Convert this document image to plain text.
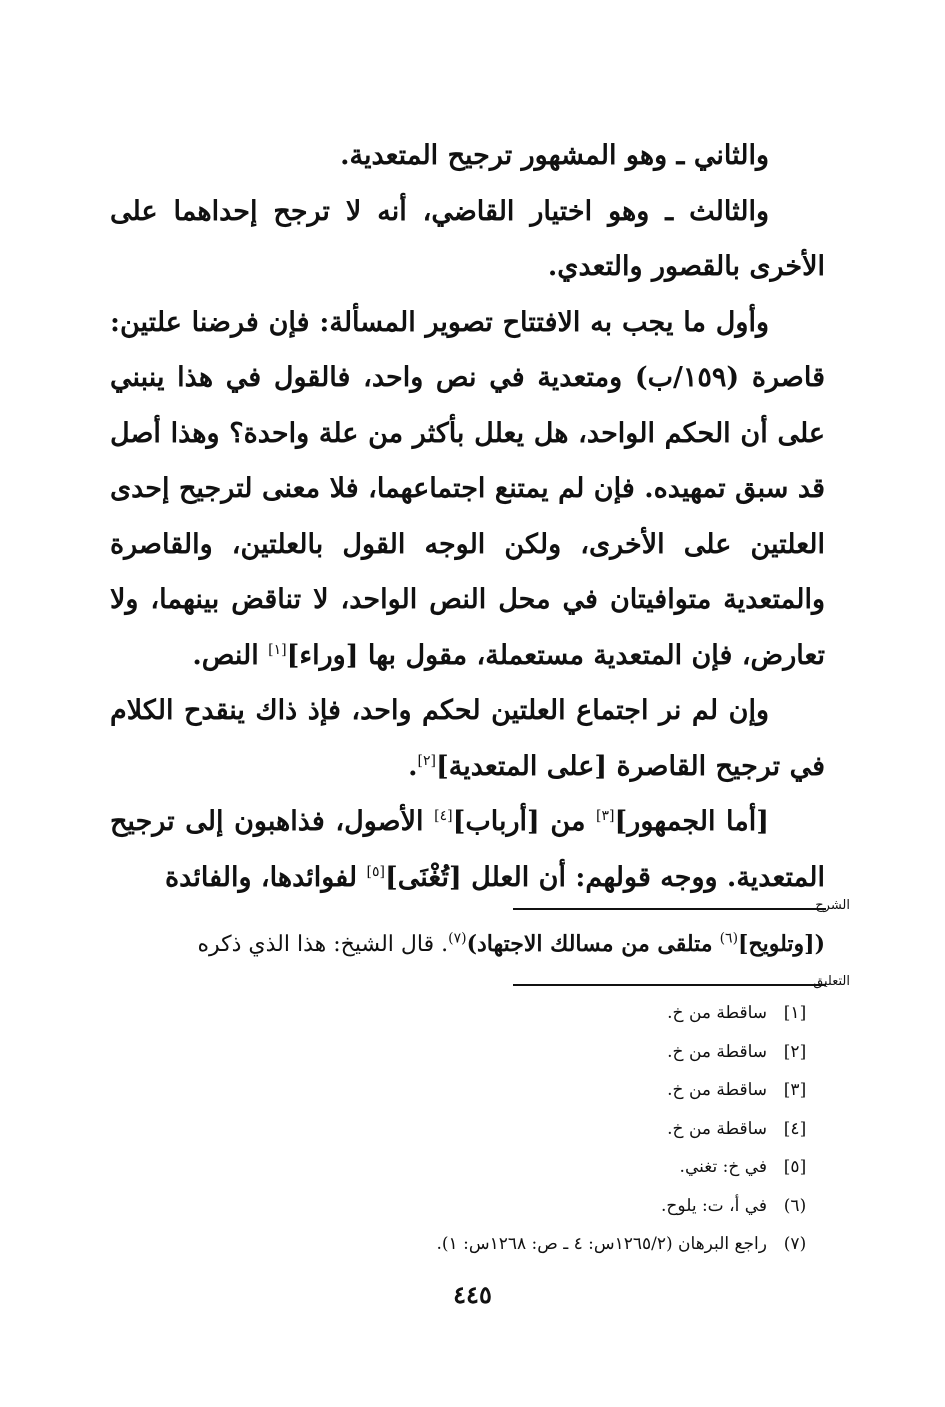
والثاني ـ وهو المشهور ترجيح المتعدية.

والثالث ـ وهو اختيار القاضي، أنه لا ترجح إحداهما على الأخرى بالقصور والتعدي.

وأول ما يجب به الافتتاح تصوير المسألة: فإن فرضنا علتين: قاصرة (١٥٩/ب) ومتعدية في نص واحد، فالقول في هذا ينبني على أن الحكم الواحد، هل يعلل بأكثر من علة واحدة؟ وهذا أصل قد سبق تمهيده. فإن لم يمتنع اجتماعهما، فلا معنى لترجيح إحدى العلتين على الأخرى، ولكن الوجه القول بالعلتين، والقاصرة والمتعدية متوافيتان في محل النص الواحد، لا تناقض بينهما، ولا تعارض، فإن المتعدية مستعملة، مقول بها [وراء][١] النص.

وإن لم نر اجتماع العلتين لحكم واحد، فإذ ذاك ينقدح الكلام في ترجيح القاصرة [على المتعدية][٢].

[أما الجمهور][٣] من [أرباب][٤] الأصول، فذاهبون إلى ترجيح المتعدية. ووجه قولهم: أن العلل [تُغْنَى][٥] لفوائدها، والفائدة

الشرح

([وتلويح]$^{(٦)}$ متلقى من مسالك الاجتهاد)$^{(٧)}$. قال الشيخ: هذا الذي ذكره

التعليق
[١]
ساقطة من خ.
[٢]
ساقطة من خ.
[٣]
ساقطة من خ.
[٤]
ساقطة من خ.
[٥]
في خ: تغني.
(٦)
في أ، ت: يلوح.
(٧)
راجع البرهان (١٢٦٥/٢س: ٤ ـ ص: ١٢٦٨س: ١).
٤٤٥
